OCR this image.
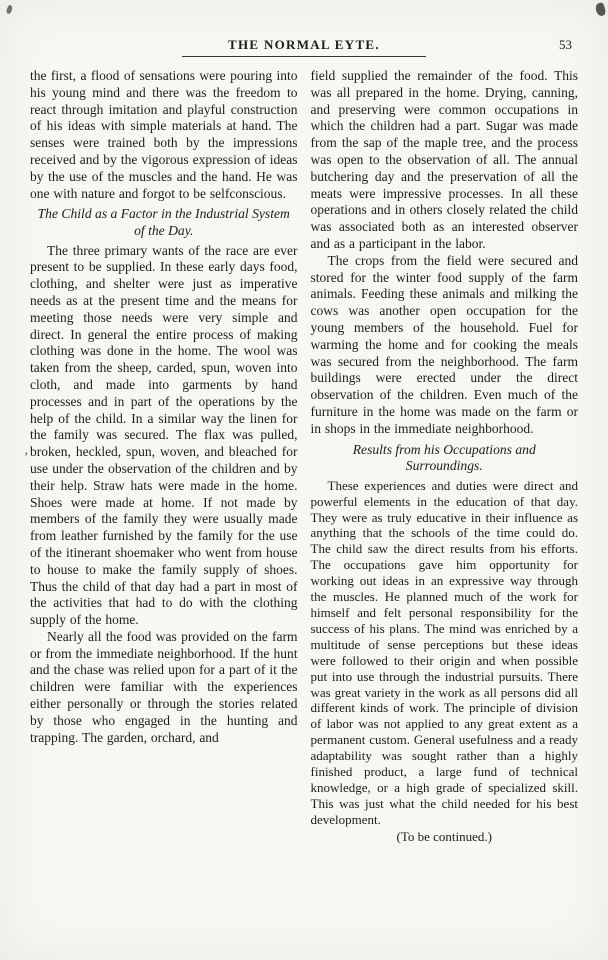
’
THE NORMAL EYTE.	53

the first, a flood of sensations were pouring into his young mind and there was the freedom to react through imitation and playful construction of his ideas with simple materials at hand. The senses were trained both by the impressions received and by the vigorous expression of ideas by the use of the muscles and the hand. He was one with nature and forgot to be selfconscious.

The Child as a Factor in the Industrial System of the Day.

The three primary wants of the race are ever present to be supplied. In these early days food, clothing, and shelter were just as imperative needs as at the present time and the means for meeting those needs were very simple and direct. In general the entire process of making clothing was done in the home. The wool was taken from the sheep, carded, spun, woven into cloth, and made into garments by hand processes and in part of the operations by the help of the child. In a similar way the linen for the family was secured. The flax was pulled, broken, heckled, spun, woven, and bleached for use under the observation of the children and by their help. Straw hats were made in the home. Shoes were made at home. If not made by members of the family they were usually made from leather furnished by the family for the use of the itinerant shoemaker who went from house to house to make the family supply of shoes. Thus the child of that day had a part in most of the activities that had to do with the clothing supply of the home.

Nearly all the food was provided on the farm or from the immediate neighborhood. If the hunt and the chase was relied upon for a part of it the children were familiar with the experiences either personally or through the stories related by those who engaged in the hunting and trapping. The garden, orchard, and

field supplied the remainder of the food. This was all prepared in the home. Drying, canning, and preserving were common occupations in which the children had a part. Sugar was made from the sap of the maple tree, and the process was open to the observation of all. The annual butchering day and the preservation of all the meats were impressive processes. In all these operations and in others closely related the child was associated both as an interested observer and as a participant in the labor.

The crops from the field were secured and stored for the winter food supply of the farm animals. Feeding these animals and milking the cows was another open occupation for the young members of the household. Fuel for warming the home and for cooking the meals was secured from the neighborhood. The farm buildings were erected under the direct observation of the children. Even much of the furniture in the home was made on the farm or in shops in the immediate neighborhood.

Results from his Occupations and Surroundings.

These experiences and duties were direct and powerful elements in the education of that day. They were as truly educative in their influence as anything that the schools of the time could do. The child saw the direct results from his efforts. The occupations gave him opportunity for working out ideas in an expressive way through the muscles. He planned much of the work for himself and felt personal responsibility for the success of his plans. The mind was enriched by a multitude of sense perceptions but these ideas were followed to their origin and when possible put into use through the industrial pursuits. There was great variety in the work as all persons did all different kinds of work. The principle of division of labor was not applied to any great extent as a permanent custom. General usefulness and a ready adaptability was sought rather than a highly finished product, a large fund of technical knowledge, or a high grade of specialized skill. This was just what the child needed for his best development.

(To be continued.)
